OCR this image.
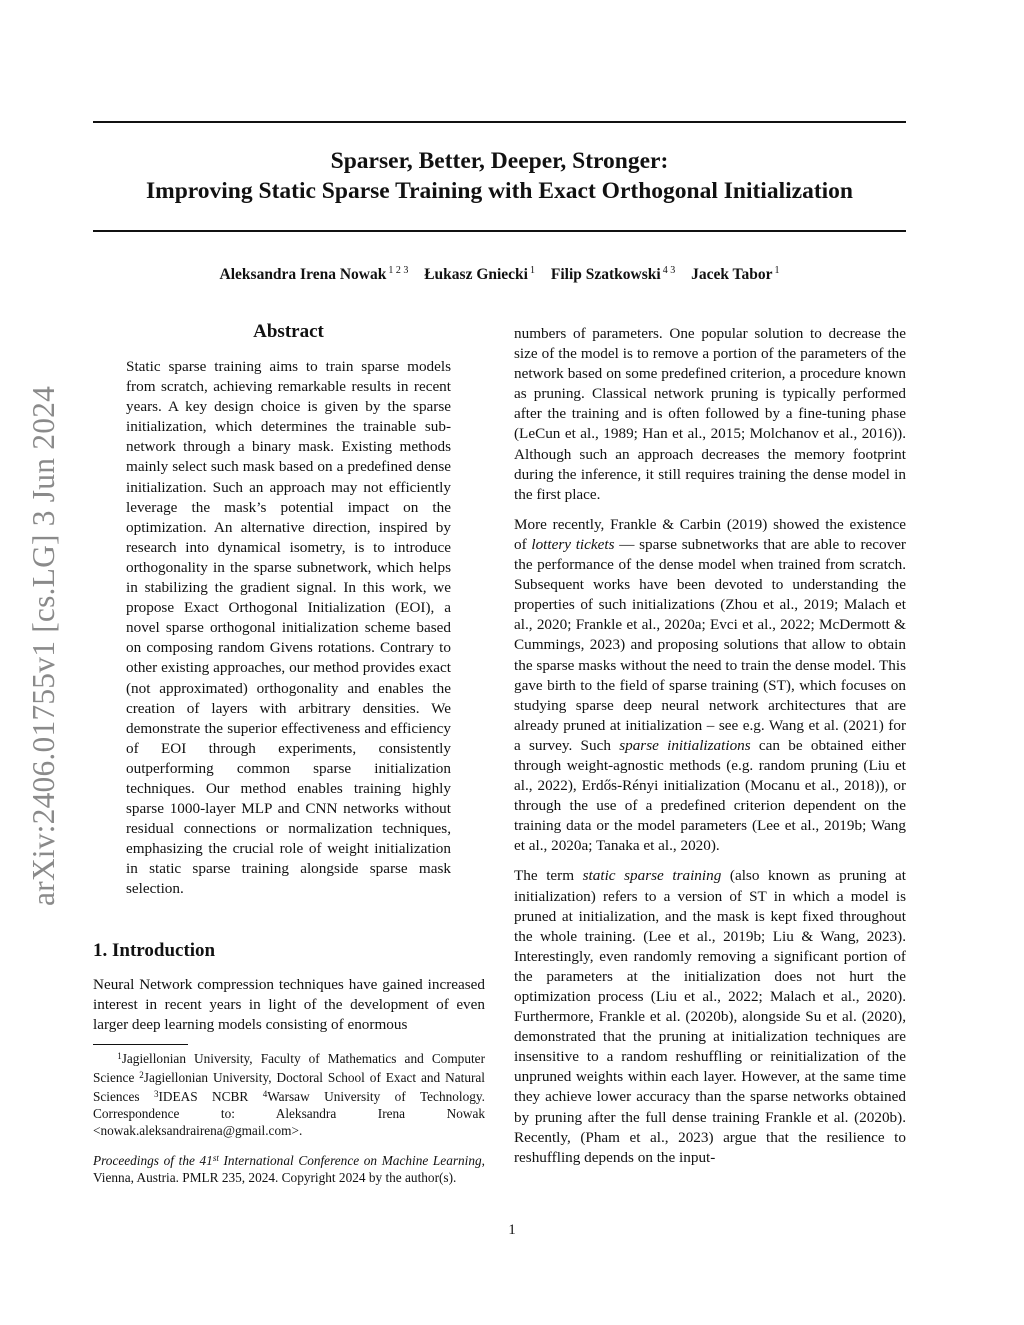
Sparser, Better, Deeper, Stronger:
Improving Static Sparse Training with Exact Orthogonal Initialization
Aleksandra Irena Nowak $^{1 2 3}$ Łukasz Gniecki $^1$ Filip Szatkowski $^{4 3}$ Jacek Tabor $^1$
arXiv:2406.01755v1 [cs.LG] 3 Jun 2024
Abstract

Static sparse training aims to train sparse models from scratch, achieving remarkable results in recent years. A key design choice is given by the sparse initialization, which determines the trainable sub-network through a binary mask. Existing methods mainly select such mask based on a predefined dense initialization. Such an approach may not efficiently leverage the mask’s potential impact on the optimization. An alternative direction, inspired by research into dynamical isometry, is to introduce orthogonality in the sparse subnetwork, which helps in stabilizing the gradient signal. In this work, we propose Exact Orthogonal Initialization (EOI), a novel sparse orthogonal initialization scheme based on composing random Givens rotations. Contrary to other existing approaches, our method provides exact (not approximated) orthogonality and enables the creation of layers with arbitrary densities. We demonstrate the superior effectiveness and efficiency of EOI through experiments, consistently outperforming common sparse initialization techniques. Our method enables training highly sparse 1000-layer MLP and CNN networks without residual connections or normalization techniques, emphasizing the crucial role of weight initialization in static sparse training alongside sparse mask selection.

1. Introduction

Neural Network compression techniques have gained increased interest in recent years in light of the development of even larger deep learning models consisting of enormous

$^1$Jagiellonian University, Faculty of Mathematics and Computer Science $^2$Jagiellonian University, Doctoral School of Exact and Natural Sciences $^3$IDEAS NCBR $^4$Warsaw University of Technology. Correspondence to: Aleksandra Irena Nowak <nowak.aleksandrairena@gmail.com>.

Proceedings of the 41st International Conference on Machine Learning, Vienna, Austria. PMLR 235, 2024. Copyright 2024 by the author(s).

numbers of parameters. One popular solution to decrease the size of the model is to remove a portion of the parameters of the network based on some predefined criterion, a procedure known as pruning. Classical network pruning is typically performed after the training and is often followed by a fine-tuning phase (LeCun et al., 1989; Han et al., 2015; Molchanov et al., 2016)). Although such an approach decreases the memory footprint during the inference, it still requires training the dense model in the first place.

More recently, Frankle & Carbin (2019) showed the existence of lottery tickets — sparse subnetworks that are able to recover the performance of the dense model when trained from scratch. Subsequent works have been devoted to understanding the properties of such initializations (Zhou et al., 2019; Malach et al., 2020; Frankle et al., 2020a; Evci et al., 2022; McDermott & Cummings, 2023) and proposing solutions that allow to obtain the sparse masks without the need to train the dense model. This gave birth to the field of sparse training (ST), which focuses on studying sparse deep neural network architectures that are already pruned at initialization – see e.g. Wang et al. (2021) for a survey. Such sparse initializations can be obtained either through weight-agnostic methods (e.g. random pruning (Liu et al., 2022), Erdős-Rényi initialization (Mocanu et al., 2018)), or through the use of a predefined criterion dependent on the training data or the model parameters (Lee et al., 2019b; Wang et al., 2020a; Tanaka et al., 2020).

The term static sparse training (also known as pruning at initialization) refers to a version of ST in which a model is pruned at initialization, and the mask is kept fixed throughout the whole training. (Lee et al., 2019b; Liu & Wang, 2023). Interestingly, even randomly removing a significant portion of the parameters at the initialization does not hurt the optimization process (Liu et al., 2022; Malach et al., 2020). Furthermore, Frankle et al. (2020b), alongside Su et al. (2020), demonstrated that the pruning at initialization techniques are insensitive to a random reshuffling or reinitialization of the unpruned weights within each layer. However, at the same time they achieve lower accuracy than the sparse networks obtained by pruning after the full dense training Frankle et al. (2020b). Recently, (Pham et al., 2023) argue that the resilience to reshuffling depends on the input-

1
